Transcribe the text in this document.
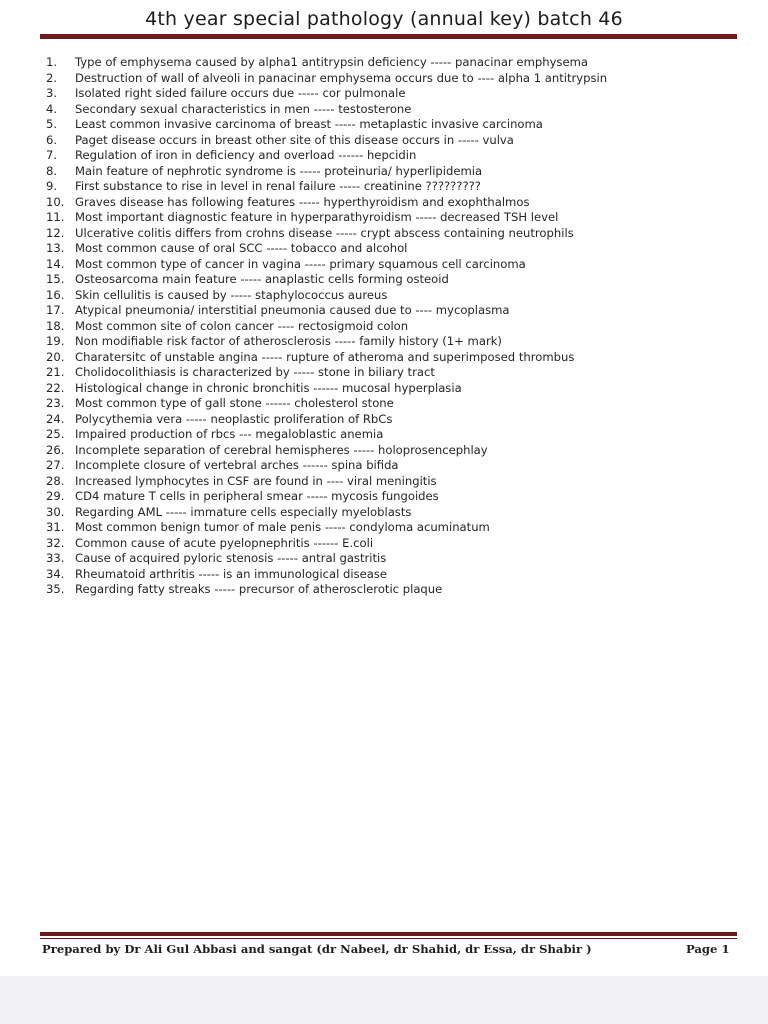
4th year special pathology (annual key) batch 46
1. Type of emphysema caused by alpha1 antitrypsin deficiency ----- panacinar emphysema
2. Destruction of wall of alveoli in panacinar emphysema occurs due to ---- alpha 1 antitrypsin
3. Isolated right sided failure occurs due ----- cor pulmonale
4. Secondary sexual characteristics in men ----- testosterone
5. Least common invasive carcinoma of breast ----- metaplastic invasive carcinoma
6. Paget disease occurs in breast other site of this disease occurs in ----- vulva
7. Regulation of iron in deficiency and overload ------ hepcidin
8. Main feature of nephrotic syndrome is ----- proteinuria/ hyperlipidemia
9. First substance to rise in level in renal failure ----- creatinine ?????????
10. Graves disease has following features ----- hyperthyroidism and exophthalmos
11. Most important diagnostic feature in hyperparathyroidism ----- decreased TSH level
12. Ulcerative colitis differs from crohns disease ----- crypt abscess containing neutrophils
13. Most common cause of oral SCC ----- tobacco and alcohol
14. Most common type of cancer in vagina ----- primary squamous cell carcinoma
15. Osteosarcoma main feature ----- anaplastic cells forming osteoid
16. Skin cellulitis is caused by ----- staphylococcus aureus
17. Atypical pneumonia/ interstitial pneumonia caused due to ---- mycoplasma
18. Most common site of colon cancer ---- rectosigmoid colon
19. Non modifiable risk factor of atherosclerosis ----- family history (1+ mark)
20. Charatersitc of unstable angina ----- rupture of atheroma and superimposed thrombus
21. Cholidocolithiasis is characterized by ----- stone in biliary tract
22. Histological change in chronic bronchitis ------ mucosal hyperplasia
23. Most common type of gall stone ------ cholesterol stone
24. Polycythemia vera ----- neoplastic proliferation of RbCs
25. Impaired production of rbcs --- megaloblastic anemia
26. Incomplete separation of cerebral hemispheres ----- holoprosencephlay
27. Incomplete closure of vertebral arches ------ spina bifida
28. Increased lymphocytes in CSF are found in ---- viral meningitis
29. CD4 mature T cells in peripheral smear ----- mycosis fungoides
30. Regarding AML ----- immature cells especially myeloblasts
31. Most common benign tumor of male penis ----- condyloma acuminatum
32. Common cause of acute pyelopnephritis ------ E.coli
33. Cause of acquired pyloric stenosis ----- antral gastritis
34. Rheumatoid arthritis ----- is an immunological disease
35. Regarding fatty streaks ----- precursor of atherosclerotic plaque
Prepared by Dr Ali Gul Abbasi and sangat (dr Nabeel, dr Shahid, dr Essa, dr Shabir )	Page 1
